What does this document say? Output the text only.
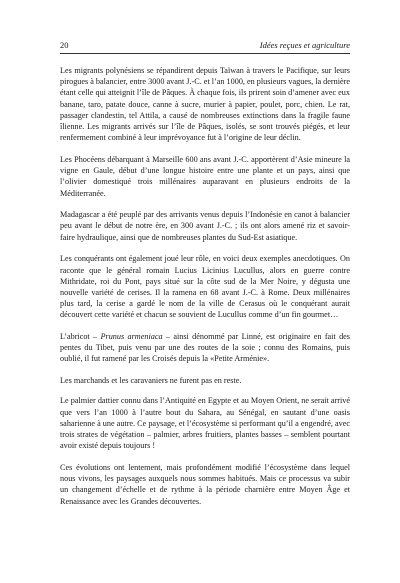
20	Idées reçues et agriculture

Les migrants polynésiens se répandirent depuis Taïwan à travers le Pacifique, sur leurs pirogues à balancier, entre 3000 avant J.-C. et l’an 1000, en plusieurs vagues, la dernière étant celle qui atteignit l’île de Pâques. À chaque fois, ils prirent soin d’amener avec eux banane, taro, patate douce, canne à sucre, murier à papier, poulet, porc, chien. Le rat, passager clandestin, tel Attila, a causé de nombreuses extinctions dans la fragile faune îlienne. Les migrants arrivés sur l’île de Pâques, isolés, se sont trouvés piégés, et leur renfermement combiné à leur imprévoyance fut à l’origine de leur déclin.

Les Phocéens débarquant à Marseille 600 ans avant J.-C. apportèrent d’Asie mineure la vigne en Gaule, début d’une longue histoire entre une plante et un pays, ainsi que l’olivier domestiqué trois millénaires auparavant en plusieurs endroits de la Méditerranée.

Madagascar a été peuplé par des arrivants venus depuis l’Indonésie en canot à balancier peu avant le début de notre ère, en 300 avant J.-C. ; ils ont alors amené riz et savoir-faire hydraulique, ainsi que de nombreuses plantes du Sud-Est asiatique.

Les conquérants ont également joué leur rôle, en voici deux exemples anecdotiques. On raconte que le général romain Lucius Licinius Lucullus, alors en guerre contre Mithridate, roi du Pont, pays situé sur la côte sud de la Mer Noire, y dégusta une nouvelle variété de cerises. Il la ramena en 68 avant J.-C. à Rome. Deux millénaires plus tard, la cerise a gardé le nom de la ville de Cerasus où le conquérant aurait découvert cette variété et chacun se souvient de Lucullus comme d’un fin gourmet…

L’abricot – Prunus armeniaca – ainsi dénommé par Linné, est originaire en fait des pentes du Tibet, puis venu par une des routes de la soie ; connu des Romains, puis oublié, il fut ramené par les Croisés depuis la «Petite Arménie».

Les marchands et les caravaniers ne furent pas en reste.

Le palmier dattier connu dans l’Antiquité en Egypte et au Moyen Orient, ne serait arrivé que vers l’an 1000 à l’autre bout du Sahara, au Sénégal, en sautant d’une oasis saharienne à une autre. Ce paysage, et l’écosystème si performant qu’il a engendré, avec trois strates de végétation – palmier, arbres fruitiers, plantes basses – semblent pourtant avoir existé depuis toujours !

Ces évolutions ont lentement, mais profondément modifié l’écosystème dans lequel nous vivons, les paysages auxquels nous sommes habitués. Mais ce processus va subir un changement d’échelle et de rythme à la période charnière entre Moyen Âge et Renaissance avec les Grandes découvertes.
